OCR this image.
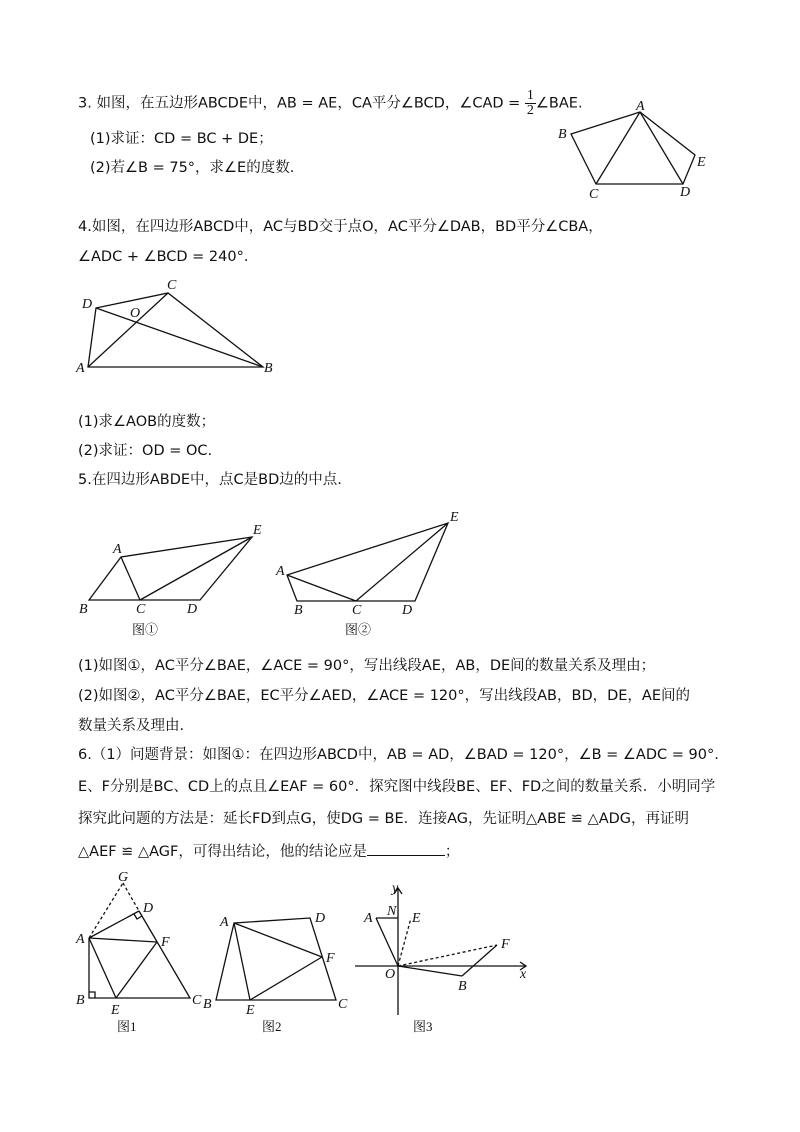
3. 如图，在五边形ABCDE中，AB = AE，CA平分∠BCD，∠CAD = $\frac{1}{2}$ ∠BAE.
(1)求证：CD = BC + DE；
(2)若∠B = 75°，求∠E的度数.
A
B
C	D
E
4.如图，在四边形ABCD中，AC与BD交于点O，AC平分∠DAB，BD平分∠CBA，
∠ADC + ∠BCD = 240°.
A	B
C
D
O
(1)求∠AOB的度数；
(2)求证：OD = OC.
5.在四边形ABDE中，点C是BD边的中点.
A
B	C	D
E
图①
A
B	C	D
E
图②
(1)如图①，AC平分∠BAE，∠ACE = 90°，写出线段AE，AB，DE间的数量关系及理由；
(2)如图②，AC平分∠BAE，EC平分∠AED，∠ACE = 120°，写出线段AB，BD，DE，AE间的
数量关系及理由.
6.（1）问题背景：如图①：在四边形ABCD中，AB = AD，∠BAD = 120°，∠B = ∠ADC = 90°.
E、F分别是BC、CD上的点且∠EAF = 60°．探究图中线段BE、EF、FD之间的数量关系．小明同学
探究此问题的方法是：延长FD到点G，使DG = BE．连接AG，先证明△ABE ≌ △ADG，再证明
△AEF ≌ △AGF，可得出结论，他的结论应是	；
G
D
A	F
B
E
C
图1
A	D
F
B E	C
图2
y
A N E
F
O
B
x
图3
